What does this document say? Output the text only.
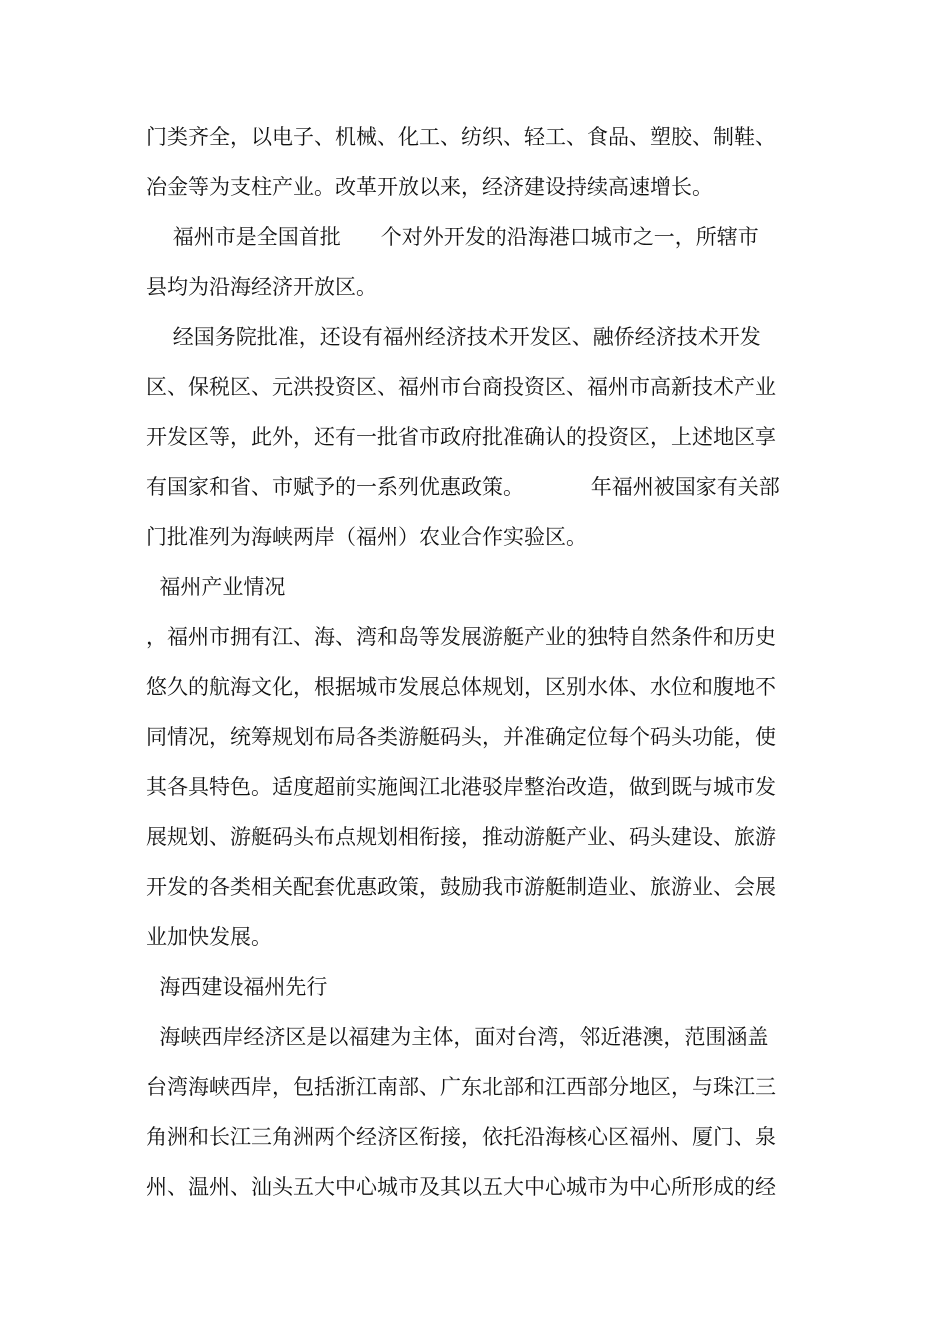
门类齐全，以电子、机械、化工、纺织、轻工、食品、塑胶、制鞋、
冶金等为支柱产业。改革开放以来，经济建设持续高速增长。
福州市是全国首批      个对外开发的沿海港口城市之一，所辖市
县均为沿海经济开放区。
经国务院批准，还设有福州经济技术开发区、融侨经济技术开发
区、保税区、元洪投资区、福州市台商投资区、福州市高新技术产业
开发区等，此外，还有一批省市政府批准确认的投资区，上述地区享
有国家和省、市赋予的一系列优惠政策。          年福州被国家有关部
门批准列为海峡两岸（福州）农业合作实验区。
福州产业情况
，福州市拥有江、海、湾和岛等发展游艇产业的独特自然条件和历史
悠久的航海文化，根据城市发展总体规划，区别水体、水位和腹地不
同情况，统筹规划布局各类游艇码头，并准确定位每个码头功能，使
其各具特色。适度超前实施闽江北港驳岸整治改造，做到既与城市发
展规划、游艇码头布点规划相衔接，推动游艇产业、码头建设、旅游
开发的各类相关配套优惠政策，鼓励我市游艇制造业、旅游业、会展
业加快发展。
海西建设福州先行
海峡西岸经济区是以福建为主体，面对台湾，邻近港澳，范围涵盖
台湾海峡西岸，包括浙江南部、广东北部和江西部分地区，与珠江三
角洲和长江三角洲两个经济区衔接，依托沿海核心区福州、厦门、泉
州、温州、汕头五大中心城市及其以五大中心城市为中心所形成的经
